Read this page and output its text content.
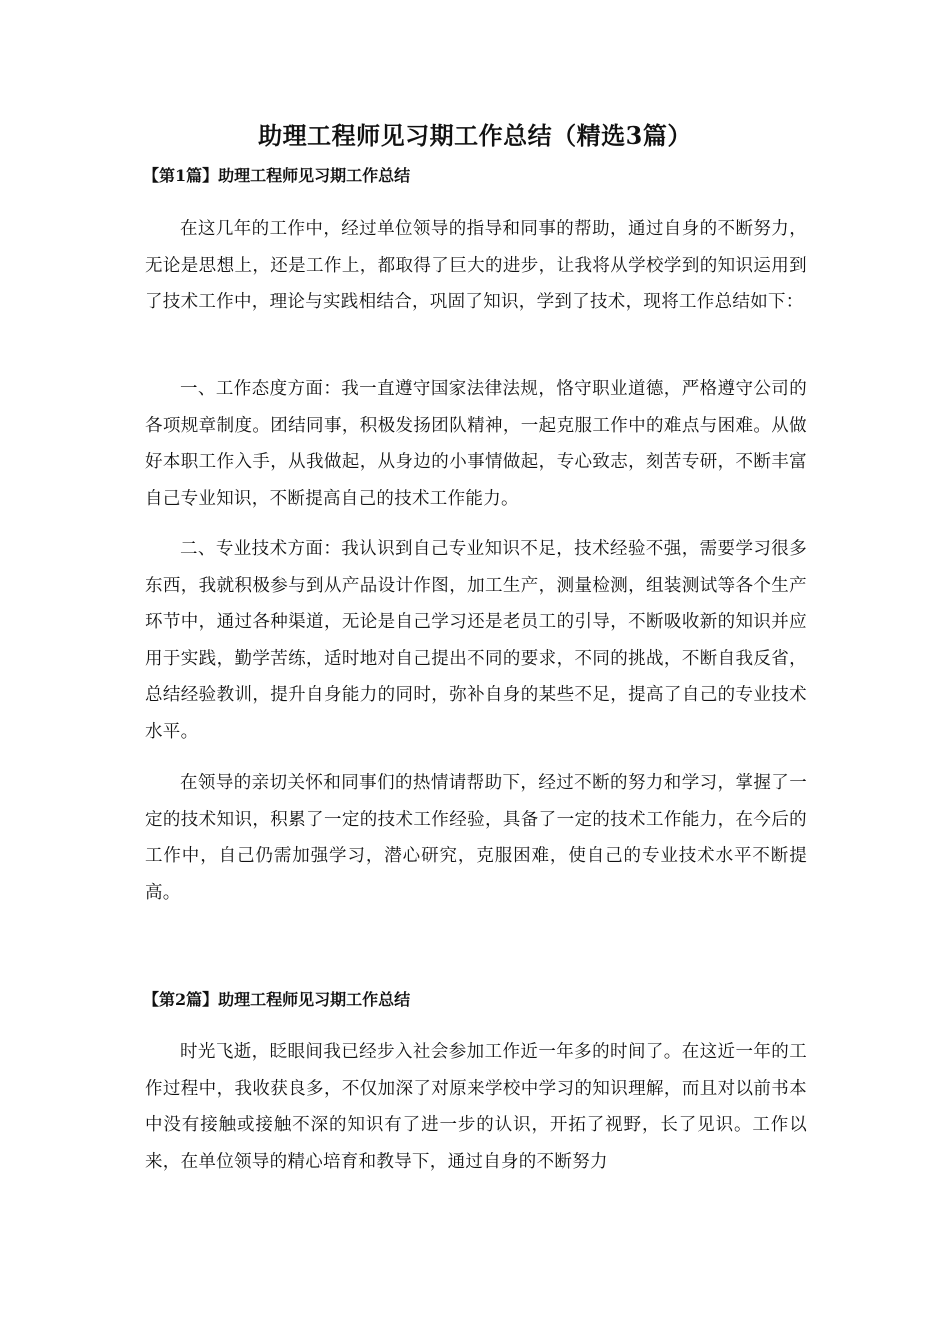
助理工程师见习期工作总结（精选3篇）
【第1篇】助理工程师见习期工作总结

在这几年的工作中，经过单位领导的指导和同事的帮助，通过自身的不断努力，无论是思想上，还是工作上，都取得了巨大的进步，让我将从学校学到的知识运用到了技术工作中，理论与实践相结合，巩固了知识，学到了技术，现将工作总结如下：

一、工作态度方面：我一直遵守国家法律法规，恪守职业道德，严格遵守公司的各项规章制度。团结同事，积极发扬团队精神，一起克服工作中的难点与困难。从做好本职工作入手，从我做起，从身边的小事情做起，专心致志，刻苦专研，不断丰富自己专业知识，不断提高自己的技术工作能力。

二、专业技术方面：我认识到自己专业知识不足，技术经验不强，需要学习很多东西，我就积极参与到从产品设计作图，加工生产，测量检测，组装测试等各个生产环节中，通过各种渠道，无论是自己学习还是老员工的引导，不断吸收新的知识并应用于实践，勤学苦练，适时地对自己提出不同的要求，不同的挑战，不断自我反省，总结经验教训，提升自身能力的同时，弥补自身的某些不足，提高了自己的专业技术水平。

在领导的亲切关怀和同事们的热情请帮助下，经过不断的努力和学习，掌握了一定的技术知识，积累了一定的技术工作经验，具备了一定的技术工作能力，在今后的工作中，自己仍需加强学习，潜心研究，克服困难，使自己的专业技术水平不断提高。

【第2篇】助理工程师见习期工作总结

时光飞逝，眨眼间我已经步入社会参加工作近一年多的时间了。在这近一年的工作过程中，我收获良多，不仅加深了对原来学校中学习的知识理解，而且对以前书本中没有接触或接触不深的知识有了进一步的认识，开拓了视野，长了见识。工作以来，在单位领导的精心培育和教导下，通过自身的不断努力
